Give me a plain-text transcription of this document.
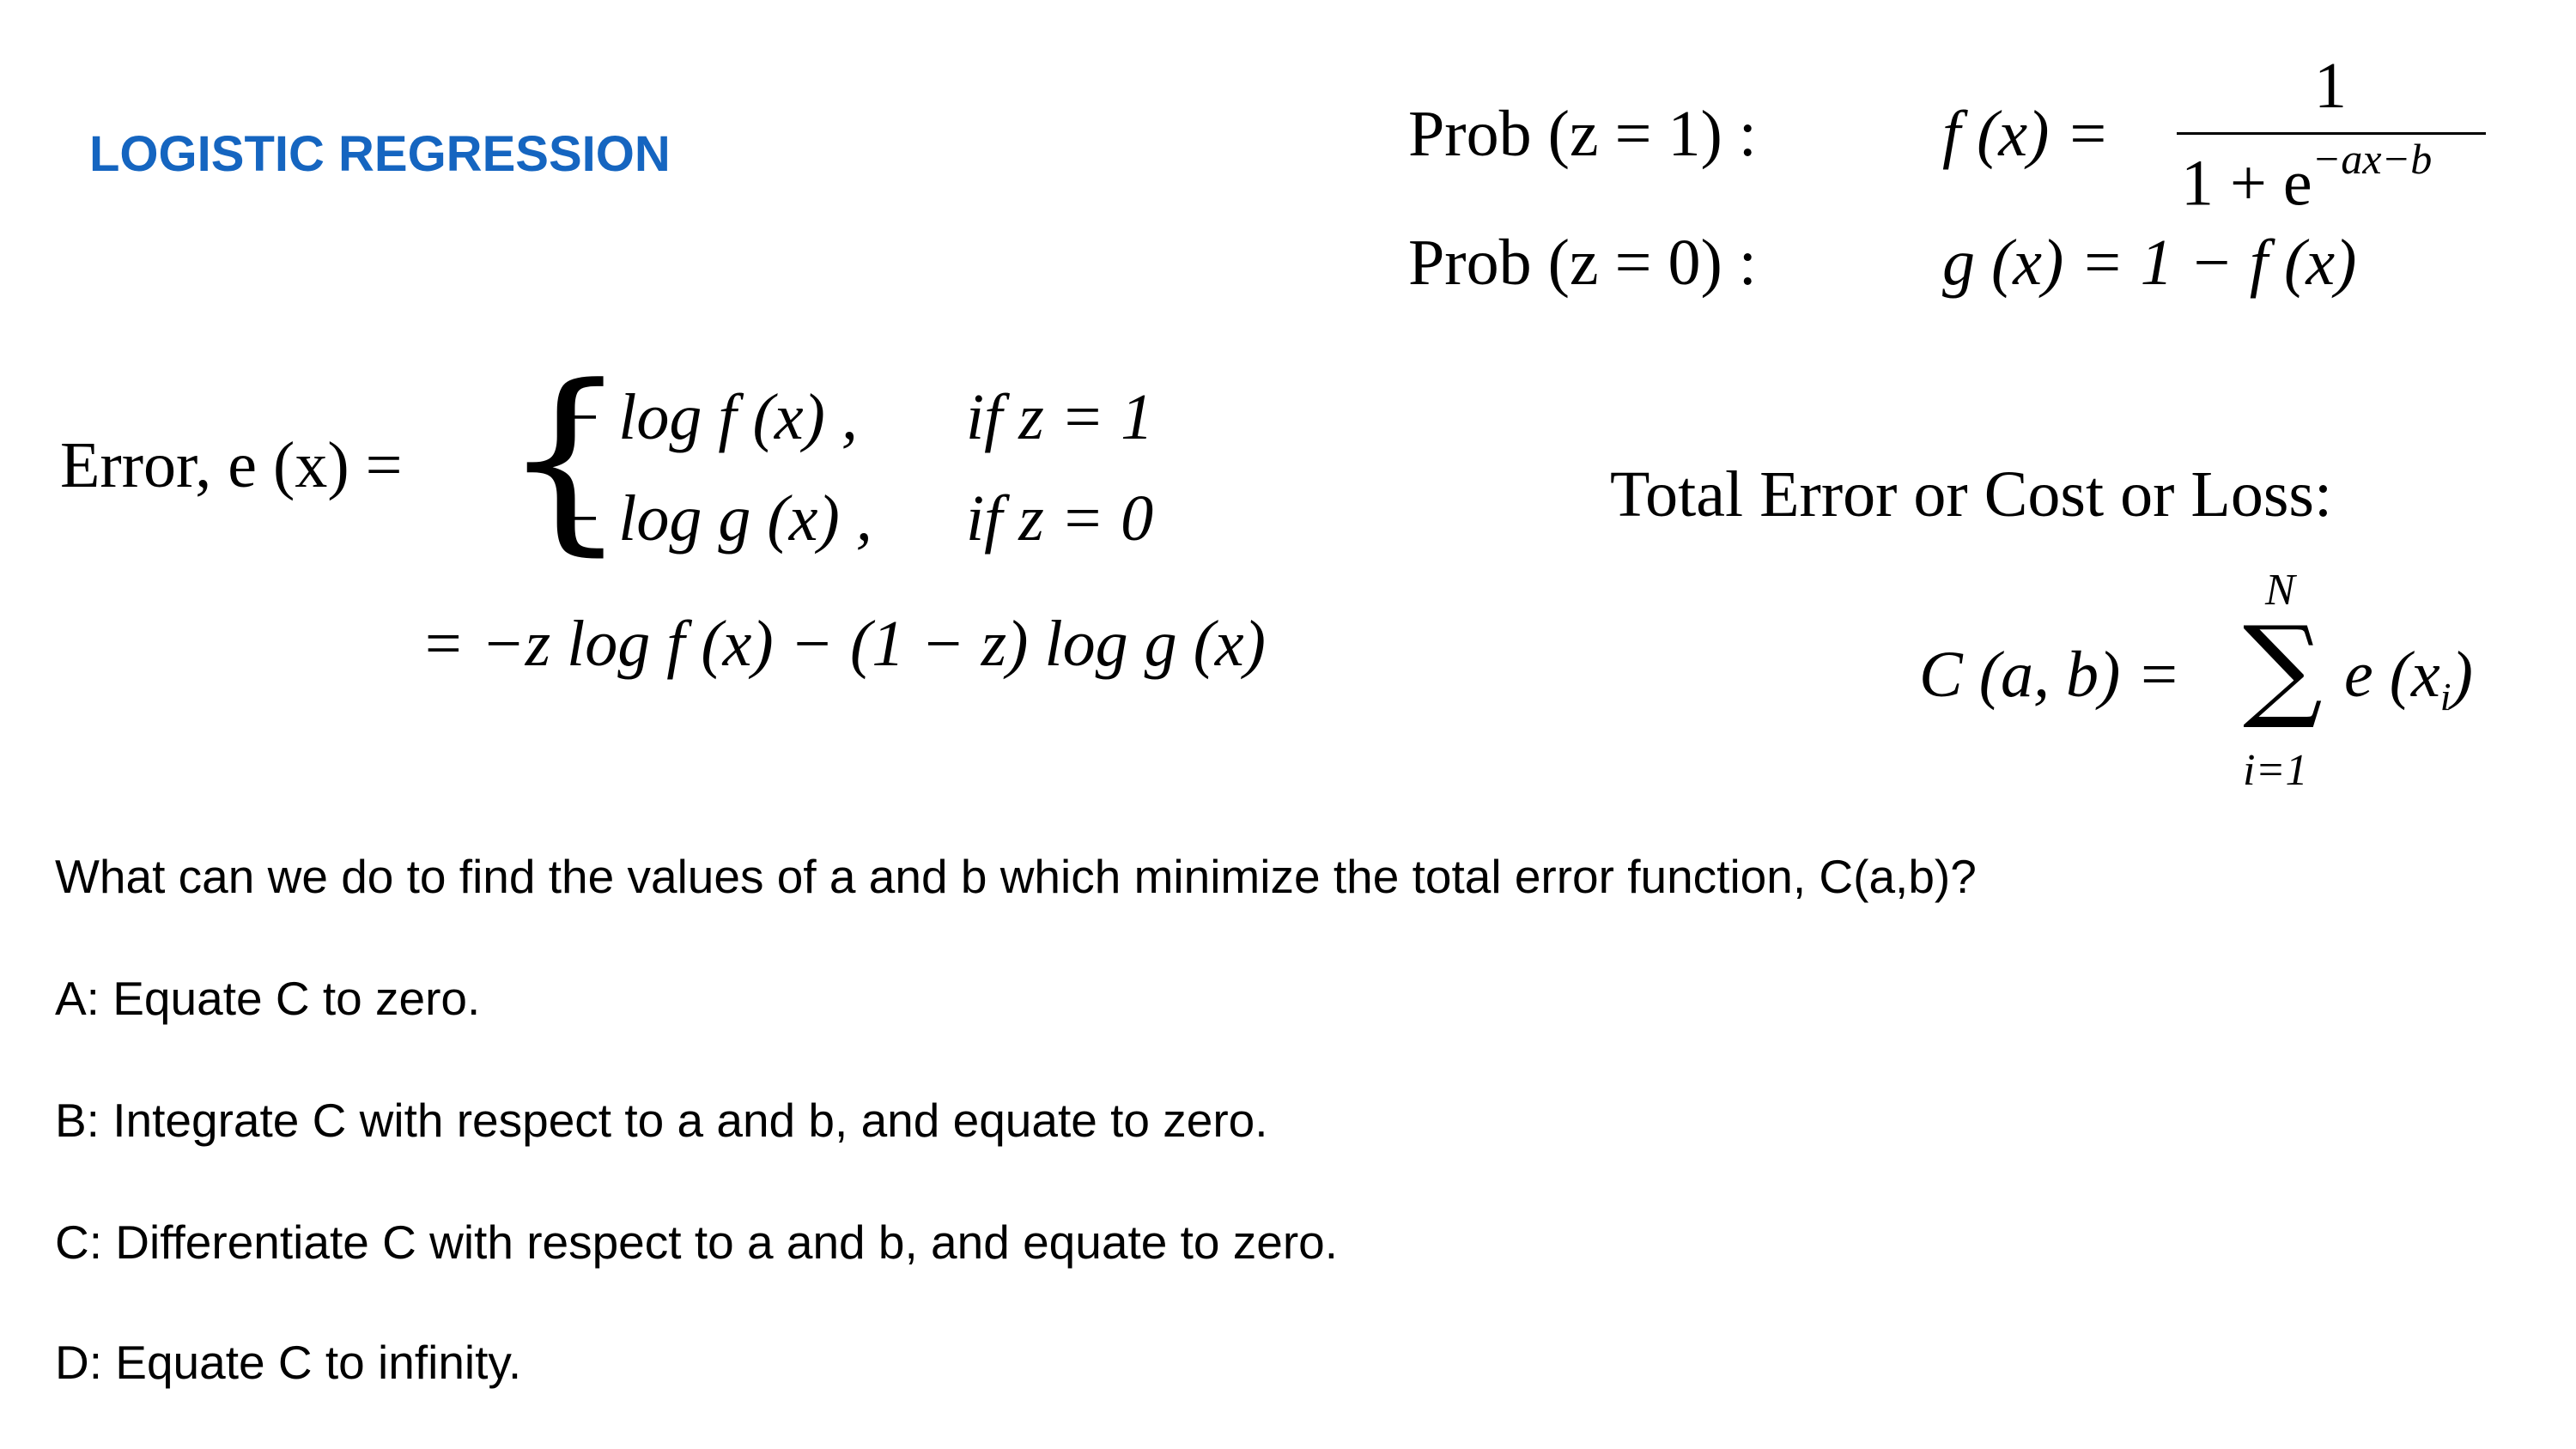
LOGISTIC REGRESSION	Prob (z = 1) :	f (x) =
1
$1 + e^{-ax-b}$
Prob (z = 0) :	g (x) = 1 − f (x)
Error, e (x) = {
− log f (x) , if z = 1
− log g (x) , if z = 0
= −z log f (x) − (1 − z) log g (x)
Total Error or Cost or Loss:
C (a, b) =
N
∑
i=1
e $(x_i)$
What can we do to find the values of a and b which minimize the total error function, C(a,b)?
A: Equate C to zero.
B: Integrate C with respect to a and b, and equate to zero.
C: Differentiate C with respect to a and b, and equate to zero.
D: Equate C to infinity.
